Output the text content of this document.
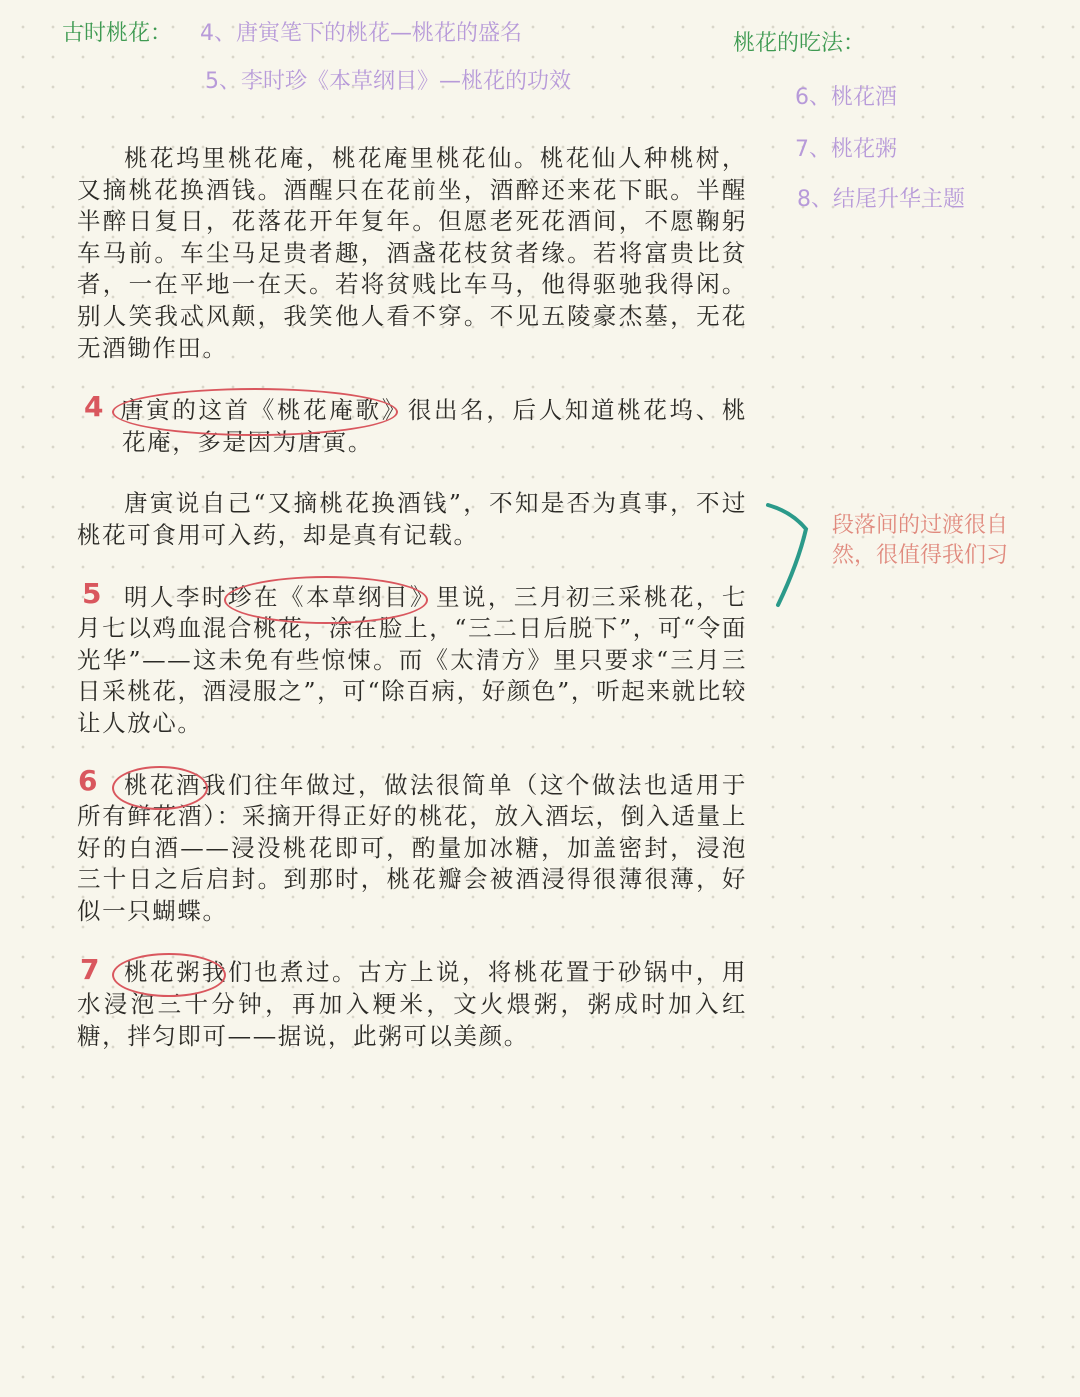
古时桃花： 4、唐寅笔下的桃花—桃花的盛名

5、李时珍《本草纲目》—桃花的功效

桃花的吃法：

6、桃花酒

7、桃花粥

8、结尾升华主题

段落间的过渡很自

然，很值得我们习

桃花坞里桃花庵，桃花庵里桃花仙。桃花仙人种桃树，又摘桃花换酒钱。酒醒只在花前坐，酒醉还来花下眠。半醒半醉日复日，花落花开年复年。但愿老死花酒间，不愿鞠躬车马前。车尘马足贵者趣，酒盏花枝贫者缘。若将富贵比贫者，一在平地一在天。若将贫贱比车马，他得驱驰我得闲。别人笑我忒风颠，我笑他人看不穿。不见五陵豪杰墓，无花无酒锄作田。

唐寅的这首《桃花庵歌》很出名，后人知道桃花坞、桃花庵，多是因为唐寅。

唐寅说自己“又摘桃花换酒钱”，不知是否为真事，不过桃花可食用可入药，却是真有记载。

明人李时珍在《本草纲目》里说，三月初三采桃花，七月七以鸡血混合桃花，涂在脸上，“三二日后脱下”，可“令面光华”——这未免有些惊悚。而《太清方》里只要求“三月三日采桃花，酒浸服之”，可“除百病，好颜色”，听起来就比较让人放心。

桃花酒我们往年做过，做法很简单（这个做法也适用于所有鲜花酒）：采摘开得正好的桃花，放入酒坛，倒入适量上好的白酒——浸没桃花即可，酌量加冰糖，加盖密封，浸泡三十日之后启封。到那时，桃花瓣会被酒浸得很薄很薄，好似一只蝴蝶。

桃花粥我们也煮过。古方上说，将桃花置于砂锅中，用水浸泡三十分钟，再加入粳米，文火煨粥，粥成时加入红糖，拌匀即可——据说，此粥可以美颜。

4
5
6
7
